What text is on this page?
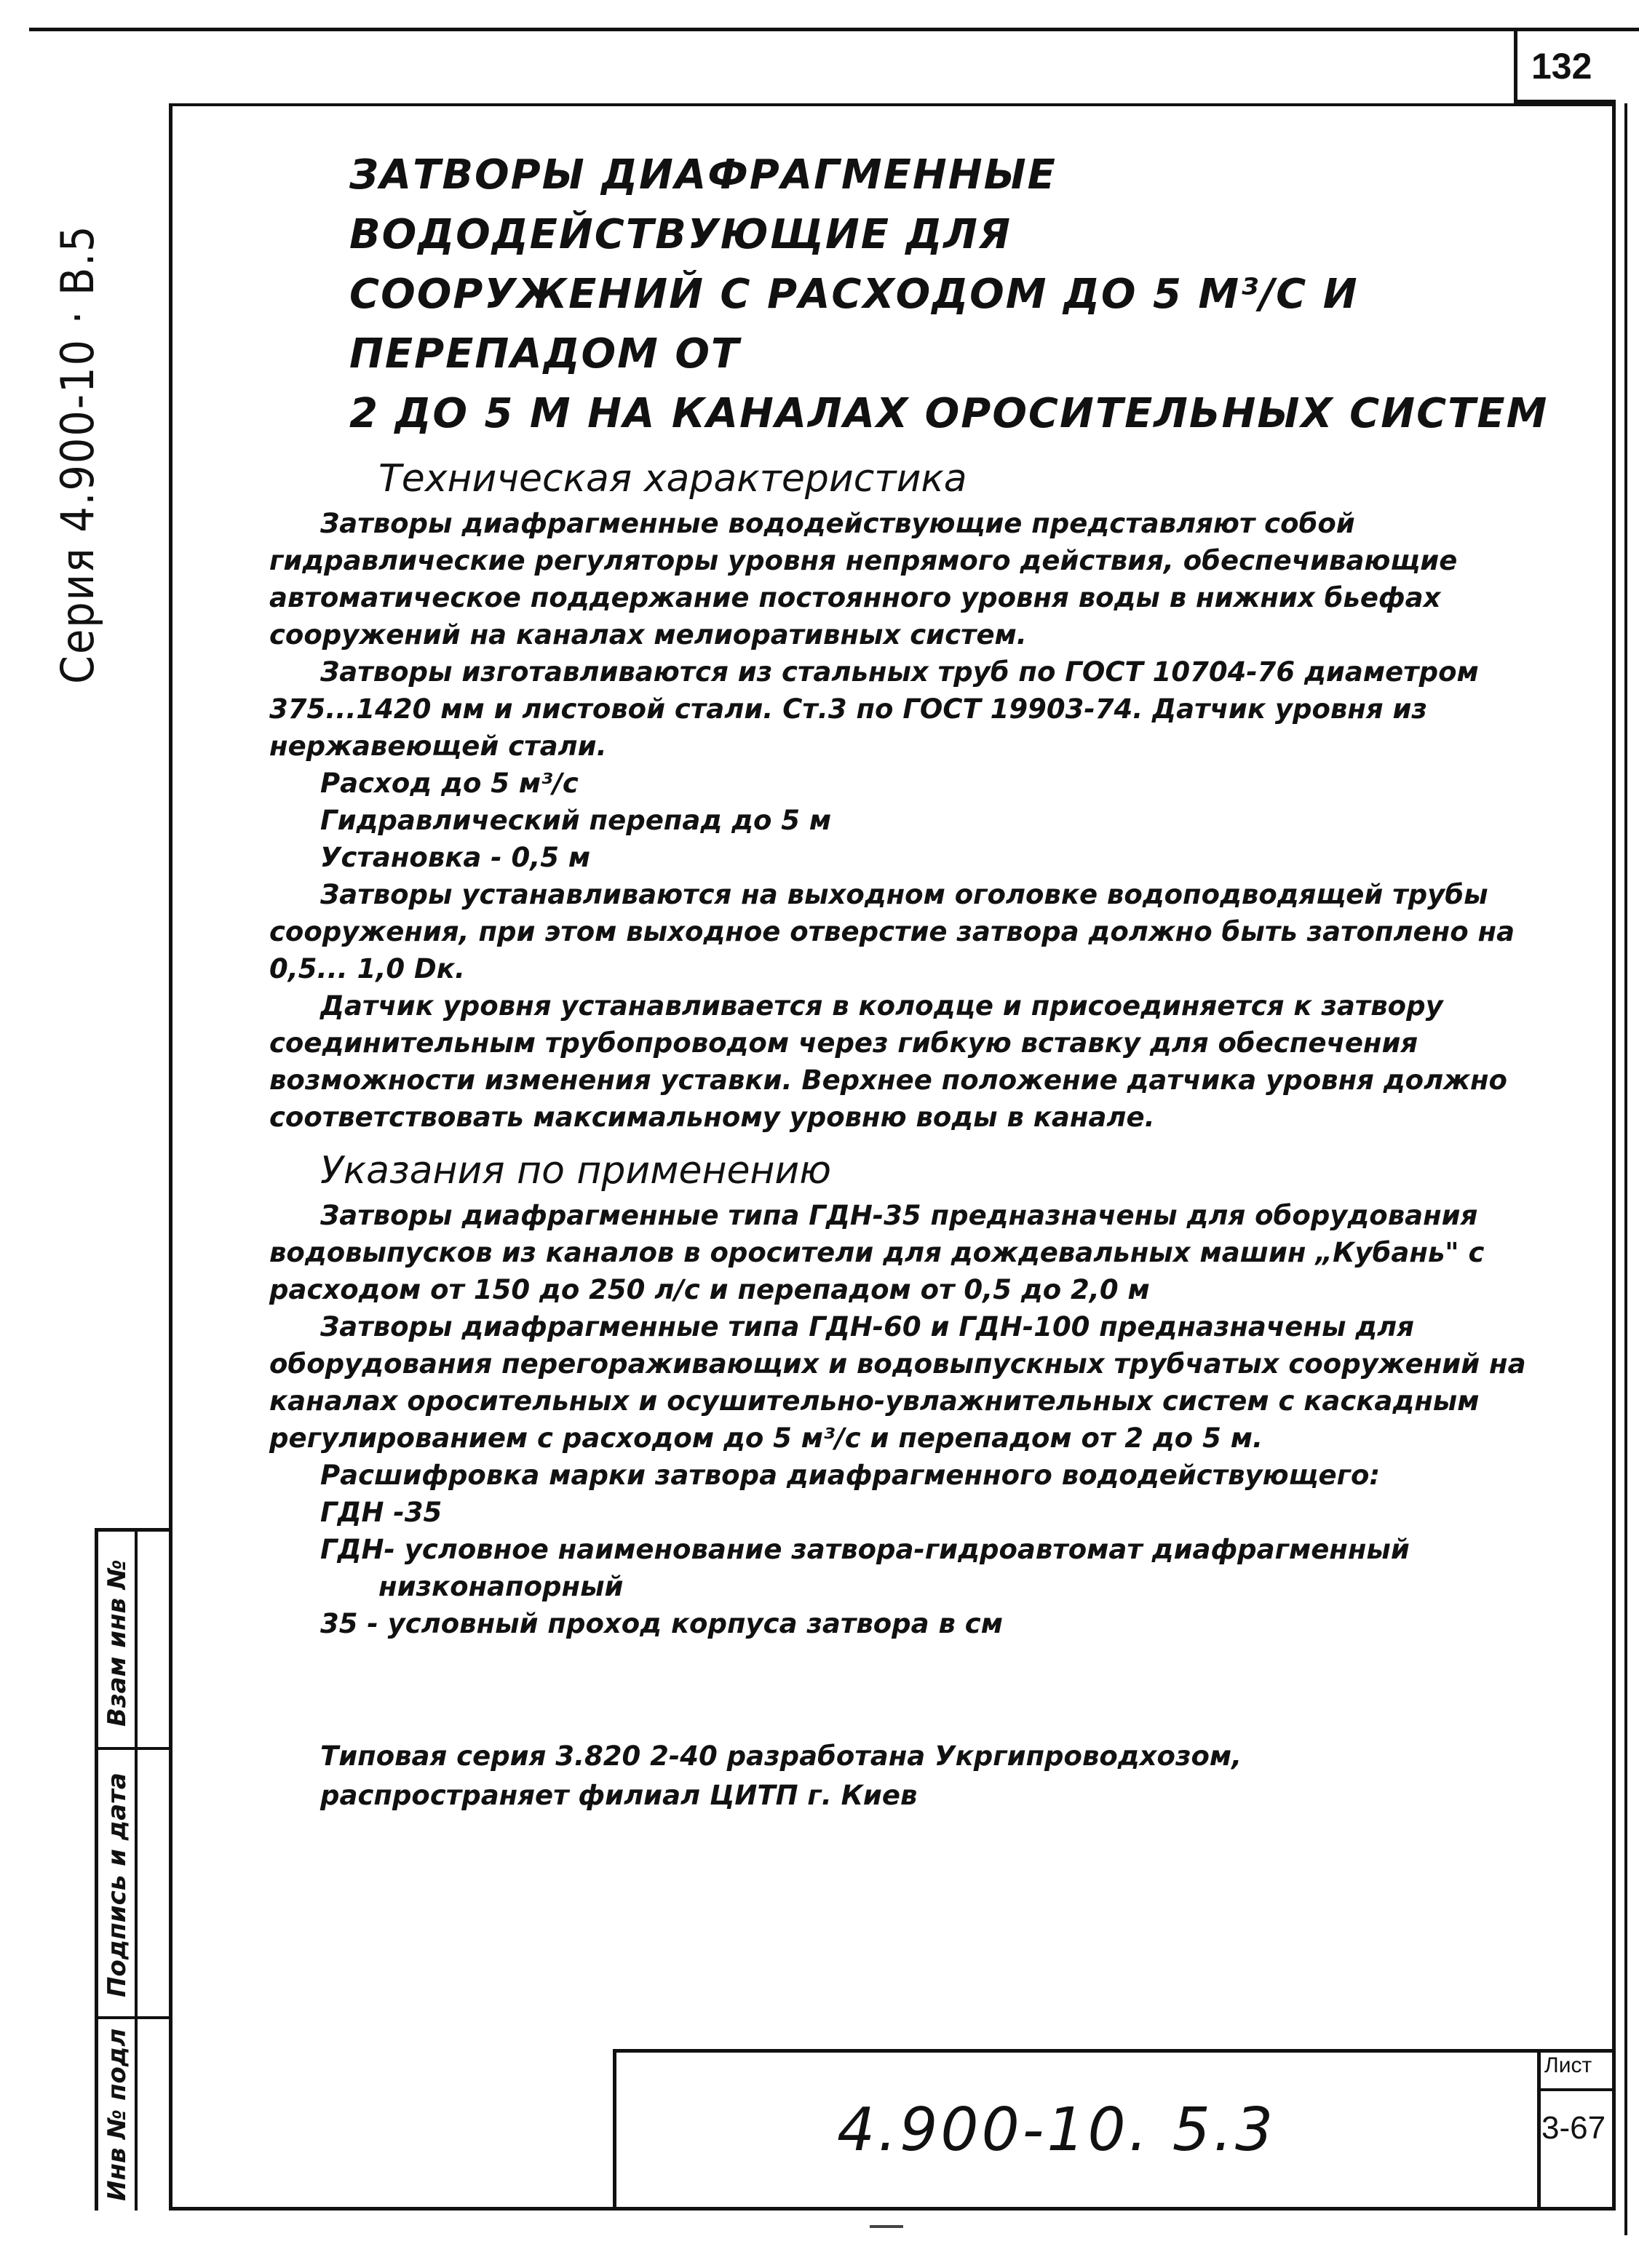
132
Серия 4.900-10 · В.5
Взам инв №
Подпись и дата
Инв № подл
ЗАТВОРЫ ДИАФРАГМЕННЫЕ ВОДОДЕЙСТВУЮЩИЕ ДЛЯ
СООРУЖЕНИЙ С РАСХОДОМ ДО 5 М³/С И ПЕРЕПАДОМ ОТ
2 ДО 5 М НА КАНАЛАХ ОРОСИТЕЛЬНЫХ СИСТЕМ
Техническая характеристика

Затворы диафрагменные вододействующие представляют собой гидравлические регуляторы уровня непрямого действия, обеспечивающие автоматическое поддержание постоянного уровня воды в нижних бьефах сооружений на каналах мелиоративных систем.

Затворы изготавливаются из стальных труб по ГОСТ 10704-76 диаметром 375...1420 мм и листовой стали. Ст.3 по ГОСТ 19903-74. Датчик уровня из нержавеющей стали.

Расход до 5 м³/с

Гидравлический перепад до 5 м

Установка - 0,5 м

Затворы устанавливаются на выходном оголовке водоподводящей трубы сооружения, при этом выходное отверстие затвора должно быть затоплено на 0,5... 1,0 Dк.

Датчик уровня устанавливается в колодце и присоединяется к затвору соединительным трубопроводом через гибкую вставку для обеспечения возможности изменения уставки. Верхнее положение датчика уровня должно соответствовать максимальному уровню воды в канале.

Указания по применению

Затворы диафрагменные типа ГДН-35 предназначены для оборудования водовыпусков из каналов в оросители для дождевальных машин „Кубань" с расходом от 150 до 250 л/с и перепадом от 0,5 до 2,0 м

Затворы диафрагменные типа ГДН-60 и ГДН-100 предназначены для оборудования перегораживающих и водовыпускных трубчатых сооружений на каналах оросительных и осушительно-увлажнительных систем с каскадным регулированием с расходом до 5 м³/с и перепадом от 2 до 5 м.

Расшифровка марки затвора диафрагменного вододействующего:

ГДН -35

ГДН- условное наименование затвора-гидроавтомат диафрагменный

низконапорный

35 - условный проход корпуса затвора в см

Типовая серия 3.820 2-40 разработана Укргипроводхозом,
распространяет филиал ЦИТП г. Киев

4.900-10. 5.3
Лист
3-67
